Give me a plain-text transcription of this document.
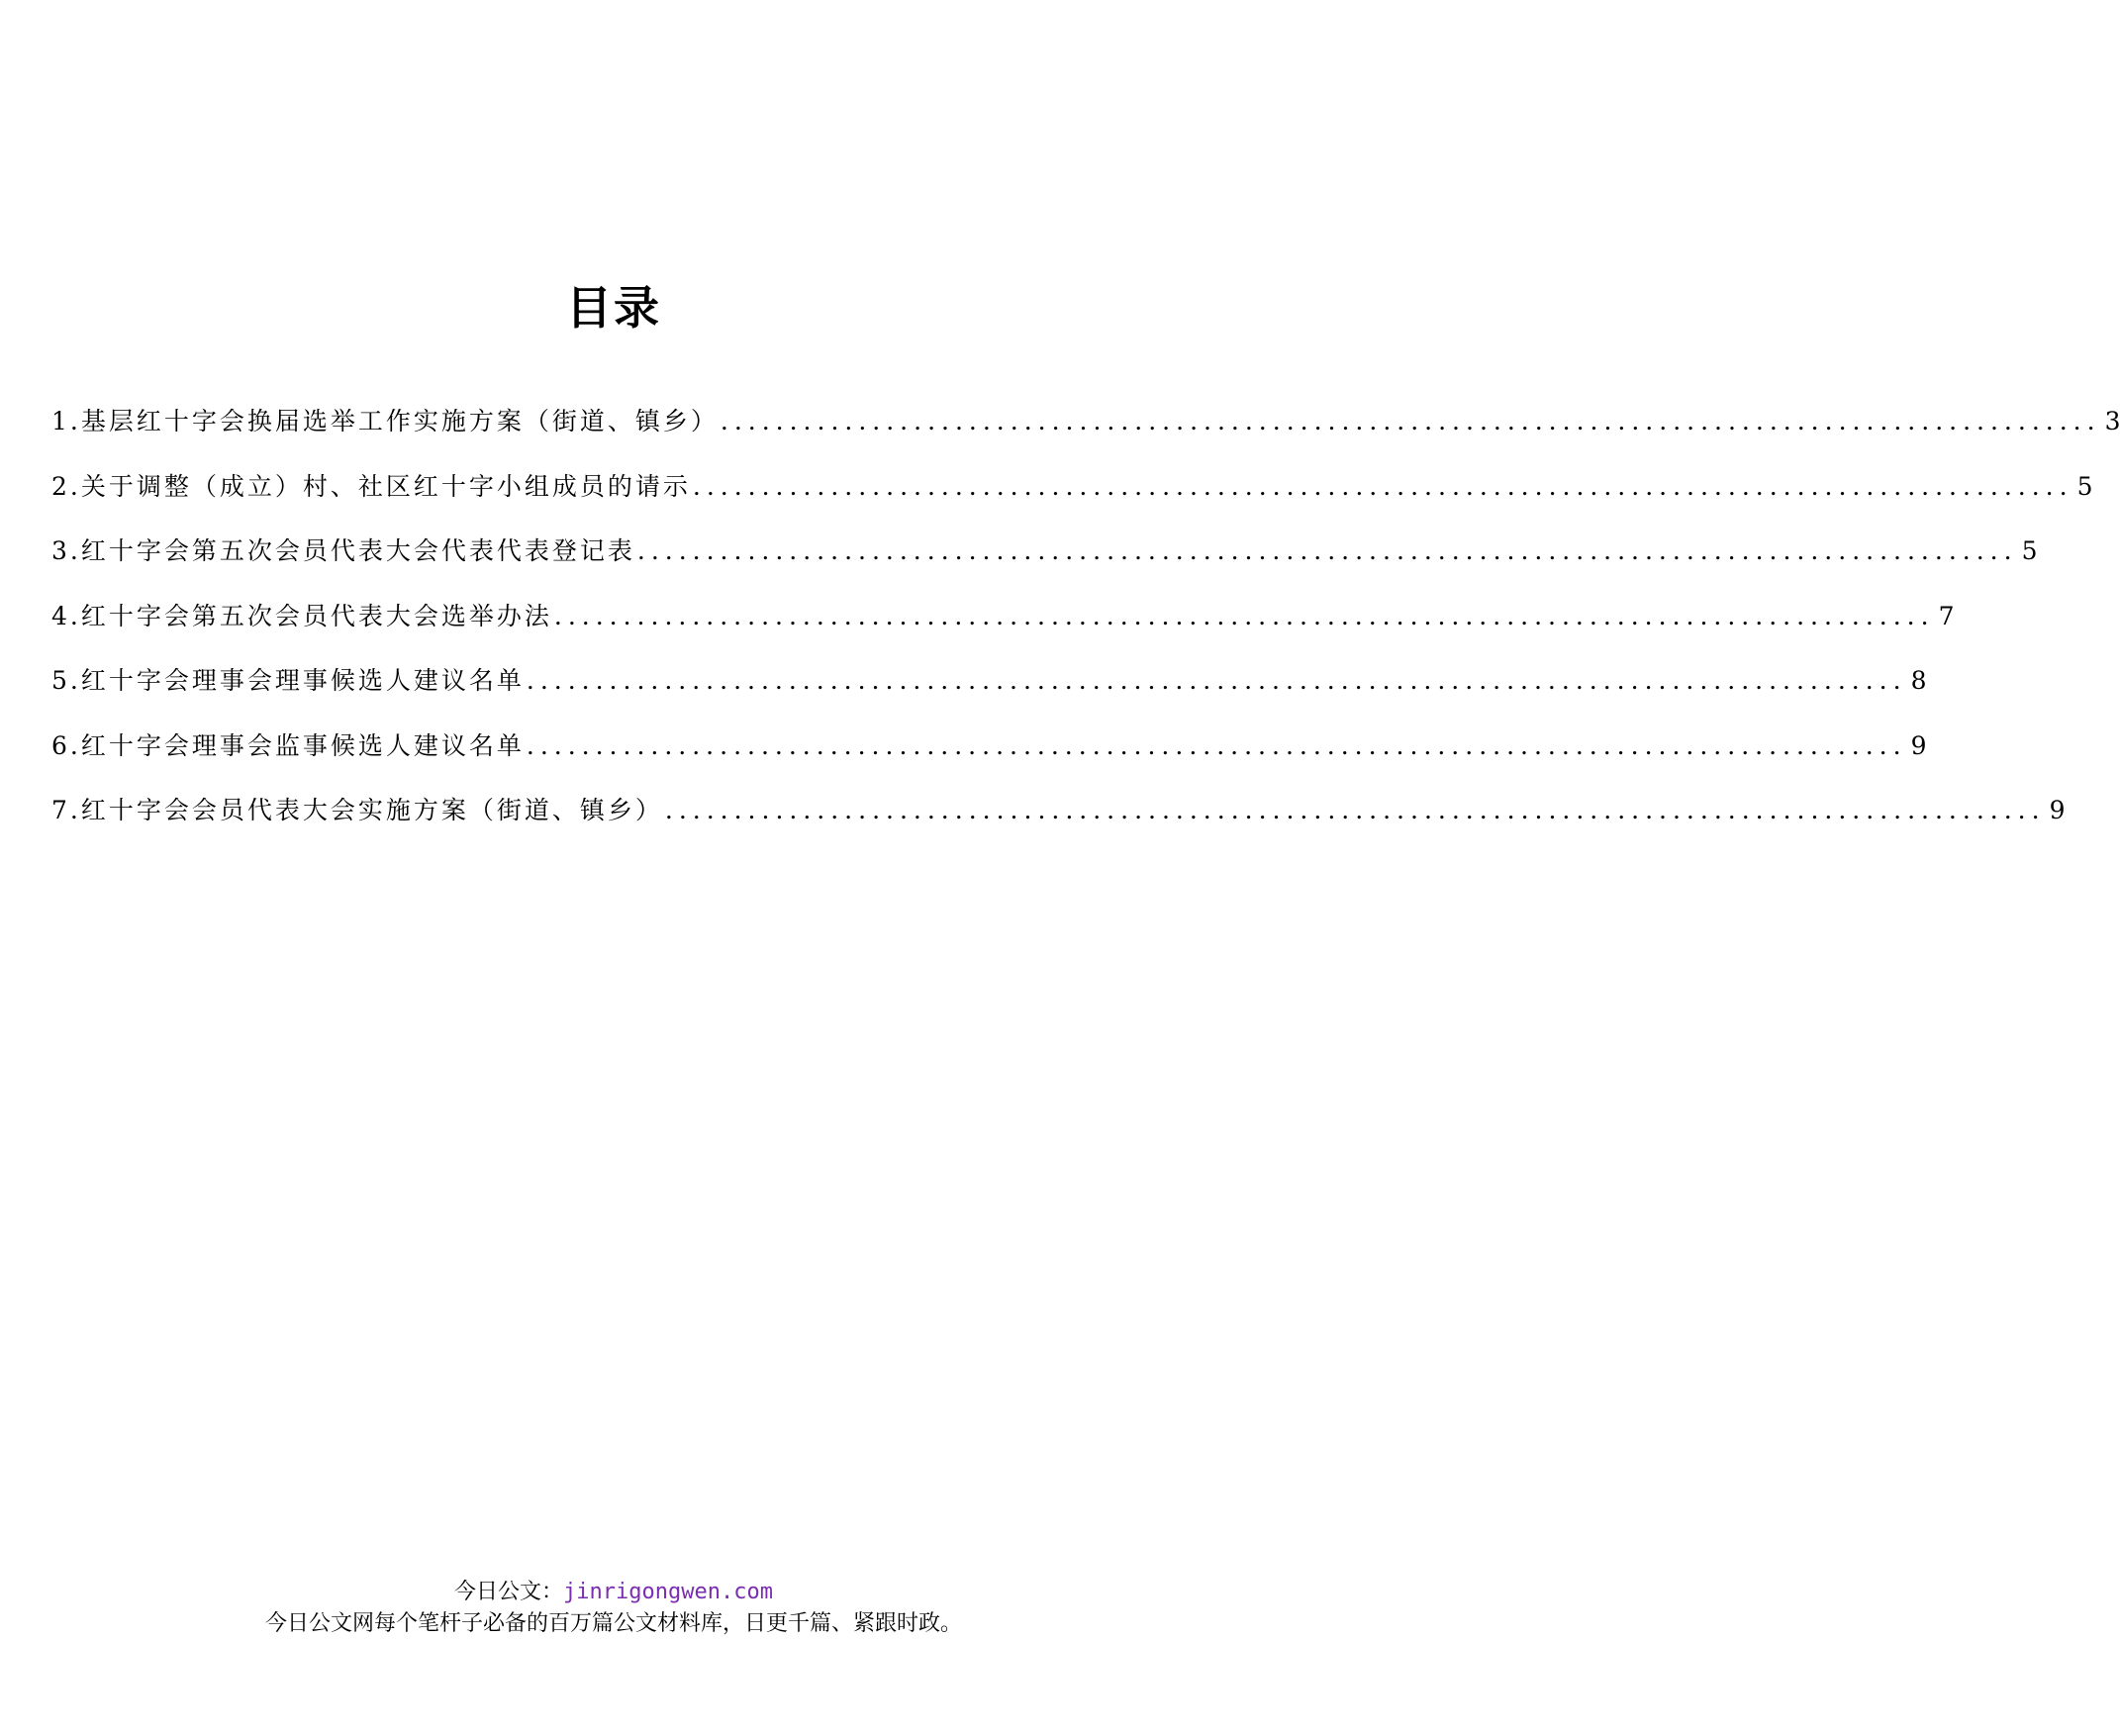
目录
1. 基层红十字会换届选举工作实施方案（街道、镇乡） .................................................................................................... 3
2. 关于调整（成立）村、社区红十字小组成员的请示 .................................................................................................... 5
3. 红十字会第五次会员代表大会代表代表登记表 .................................................................................................... 5
4. 红十字会第五次会员代表大会选举办法 .................................................................................................... 7
5. 红十字会理事会理事候选人建议名单 .................................................................................................... 8
6. 红十字会理事会监事候选人建议名单 .................................................................................................... 9
7. 红十字会会员代表大会实施方案（街道、镇乡） .................................................................................................... 9
今日公文：jinrigongwen.com
今日公文网每个笔杆子必备的百万篇公文材料库，日更千篇、紧跟时政。
